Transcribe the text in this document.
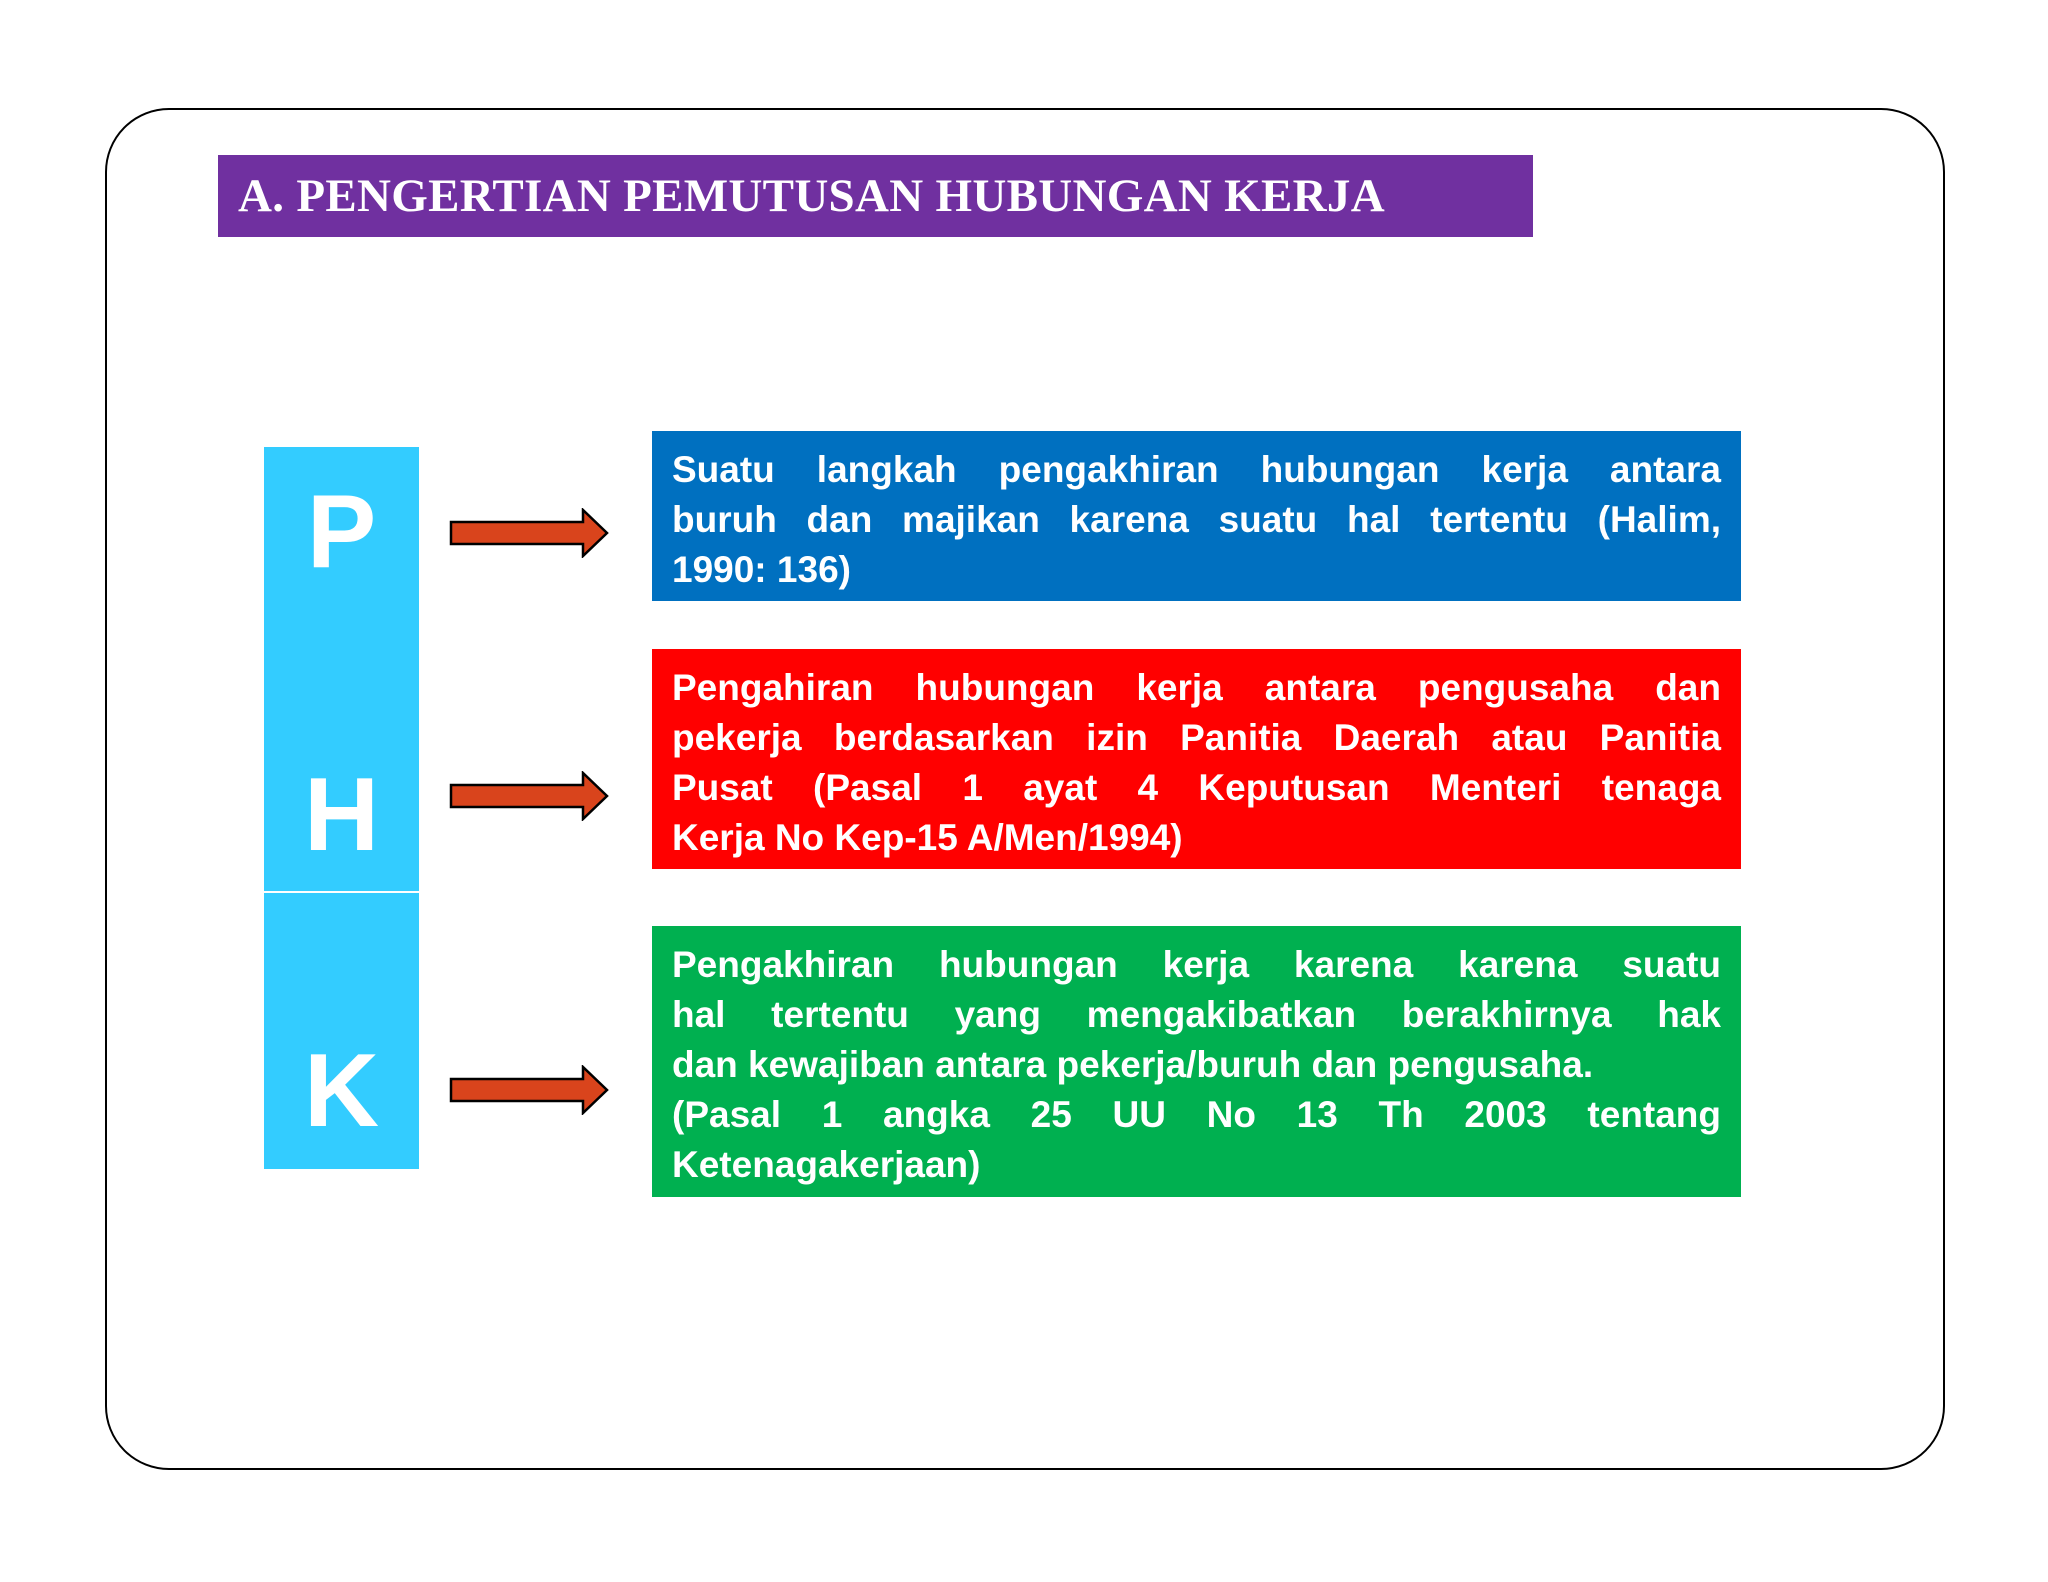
A. PENGERTIAN PEMUTUSAN HUBUNGAN KERJA
P
H
K
Suatu langkah pengakhiran hubungan kerja antara
buruh dan majikan karena suatu hal tertentu (Halim,
1990: 136)
Pengahiran hubungan kerja antara pengusaha dan
pekerja berdasarkan izin Panitia Daerah atau Panitia
Pusat (Pasal 1 ayat 4 Keputusan Menteri tenaga
Kerja No Kep-15 A/Men/1994)
Pengakhiran hubungan kerja karena karena suatu
hal tertentu yang mengakibatkan berakhirnya hak
dan kewajiban antara pekerja/buruh dan pengusaha.
(Pasal 1 angka 25 UU No 13 Th 2003 tentang
Ketenagakerjaan)
